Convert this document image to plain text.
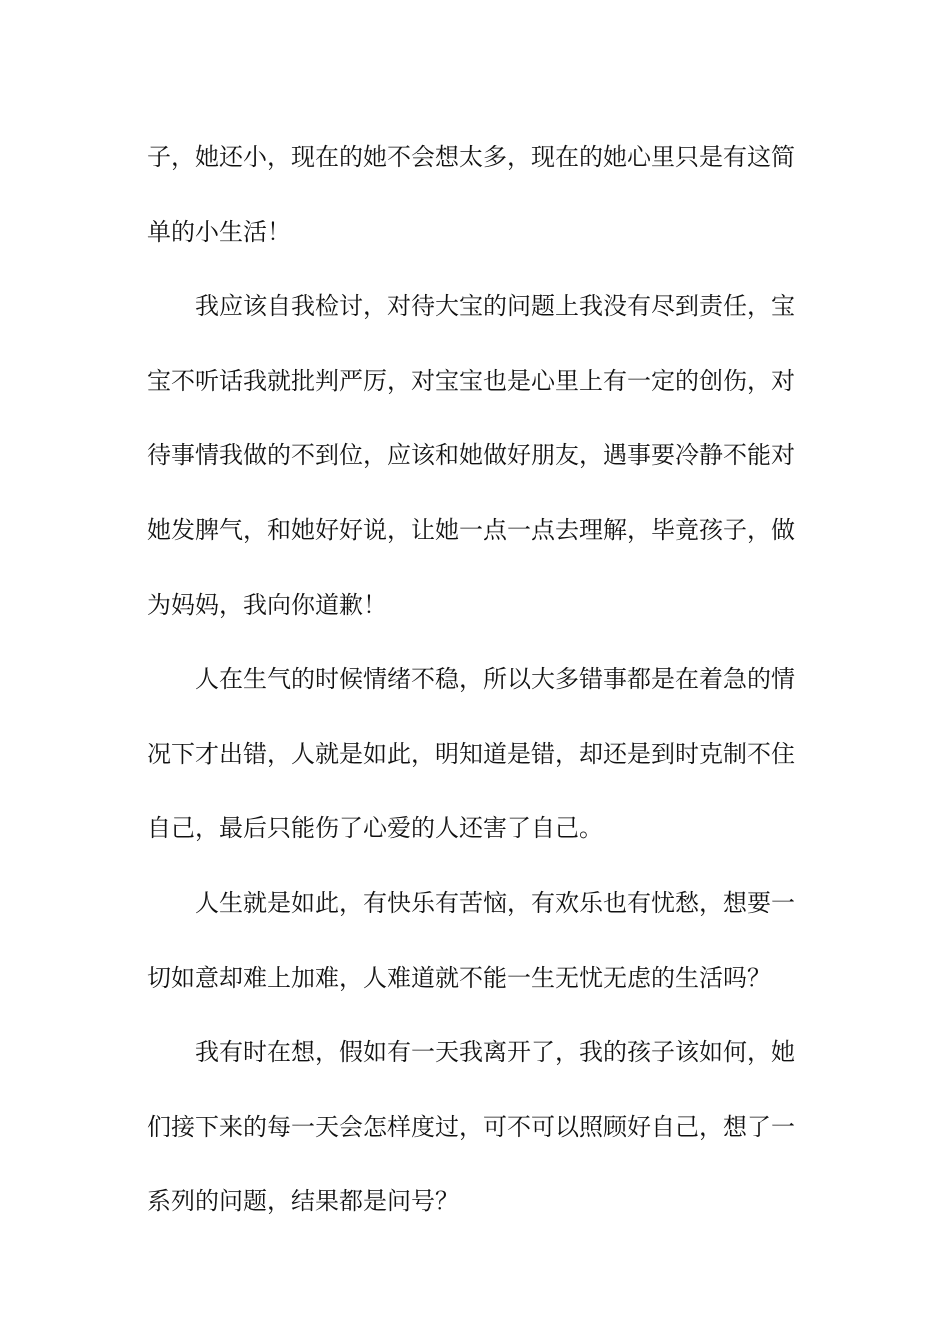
子，她还小，现在的她不会想太多，现在的她心里只是有这简
单的小生活！
我应该自我检讨，对待大宝的问题上我没有尽到责任，宝
宝不听话我就批判严厉，对宝宝也是心里上有一定的创伤，对
待事情我做的不到位，应该和她做好朋友，遇事要冷静不能对
她发脾气，和她好好说，让她一点一点去理解，毕竟孩子，做
为妈妈，我向你道歉！
人在生气的时候情绪不稳，所以大多错事都是在着急的情
况下才出错，人就是如此，明知道是错，却还是到时克制不住
自己，最后只能伤了心爱的人还害了自己。
人生就是如此，有快乐有苦恼，有欢乐也有忧愁，想要一
切如意却难上加难，人难道就不能一生无忧无虑的生活吗？
我有时在想，假如有一天我离开了，我的孩子该如何，她
们接下来的每一天会怎样度过，可不可以照顾好自己，想了一
系列的问题，结果都是问号？
